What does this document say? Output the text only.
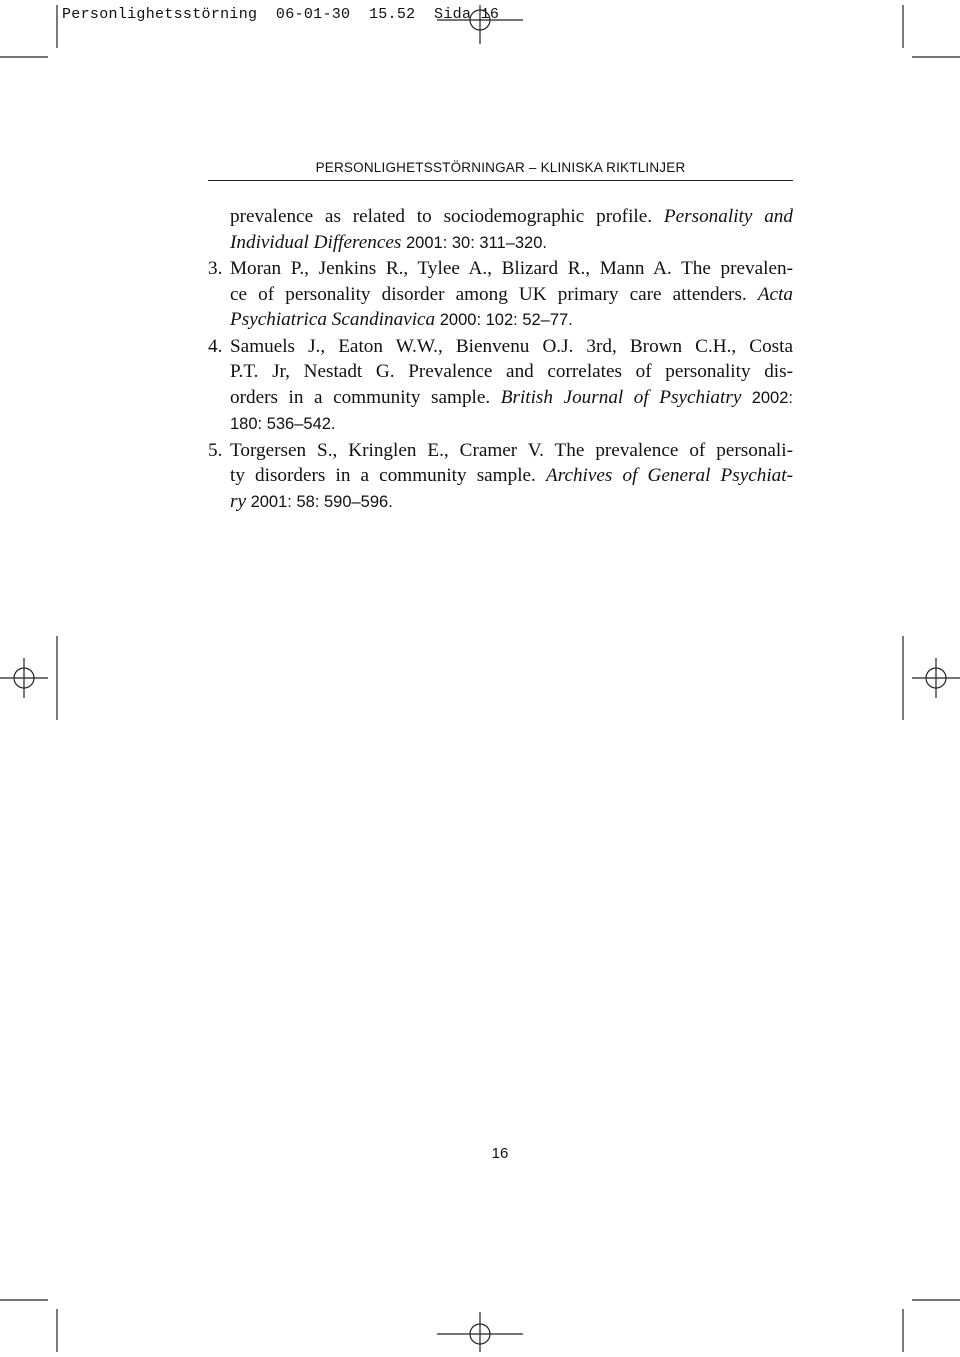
Personlighetsstörning  06-01-30  15.52  Sida 16
PERSONLIGHETSSTÖRNINGAR – KLINISKA RIKTLINJER
prevalence as related to sociodemographic profile. Personality and
Individual Differences 2001: 30: 311–320.
3. Moran P., Jenkins R., Tylee A., Blizard R., Mann A. The prevalen-
ce of personality disorder among UK primary care attenders. Acta
Psychiatrica Scandinavica 2000: 102: 52–77.
4. Samuels J., Eaton W.W., Bienvenu O.J. 3rd, Brown C.H., Costa
P.T. Jr, Nestadt G. Prevalence and correlates of personality dis-
orders in a community sample. British Journal of Psychiatry 2002:
180: 536–542.
5. Torgersen S., Kringlen E., Cramer V. The prevalence of personali-
ty disorders in a community sample. Archives of General Psychiat-
ry 2001: 58: 590–596.
16
